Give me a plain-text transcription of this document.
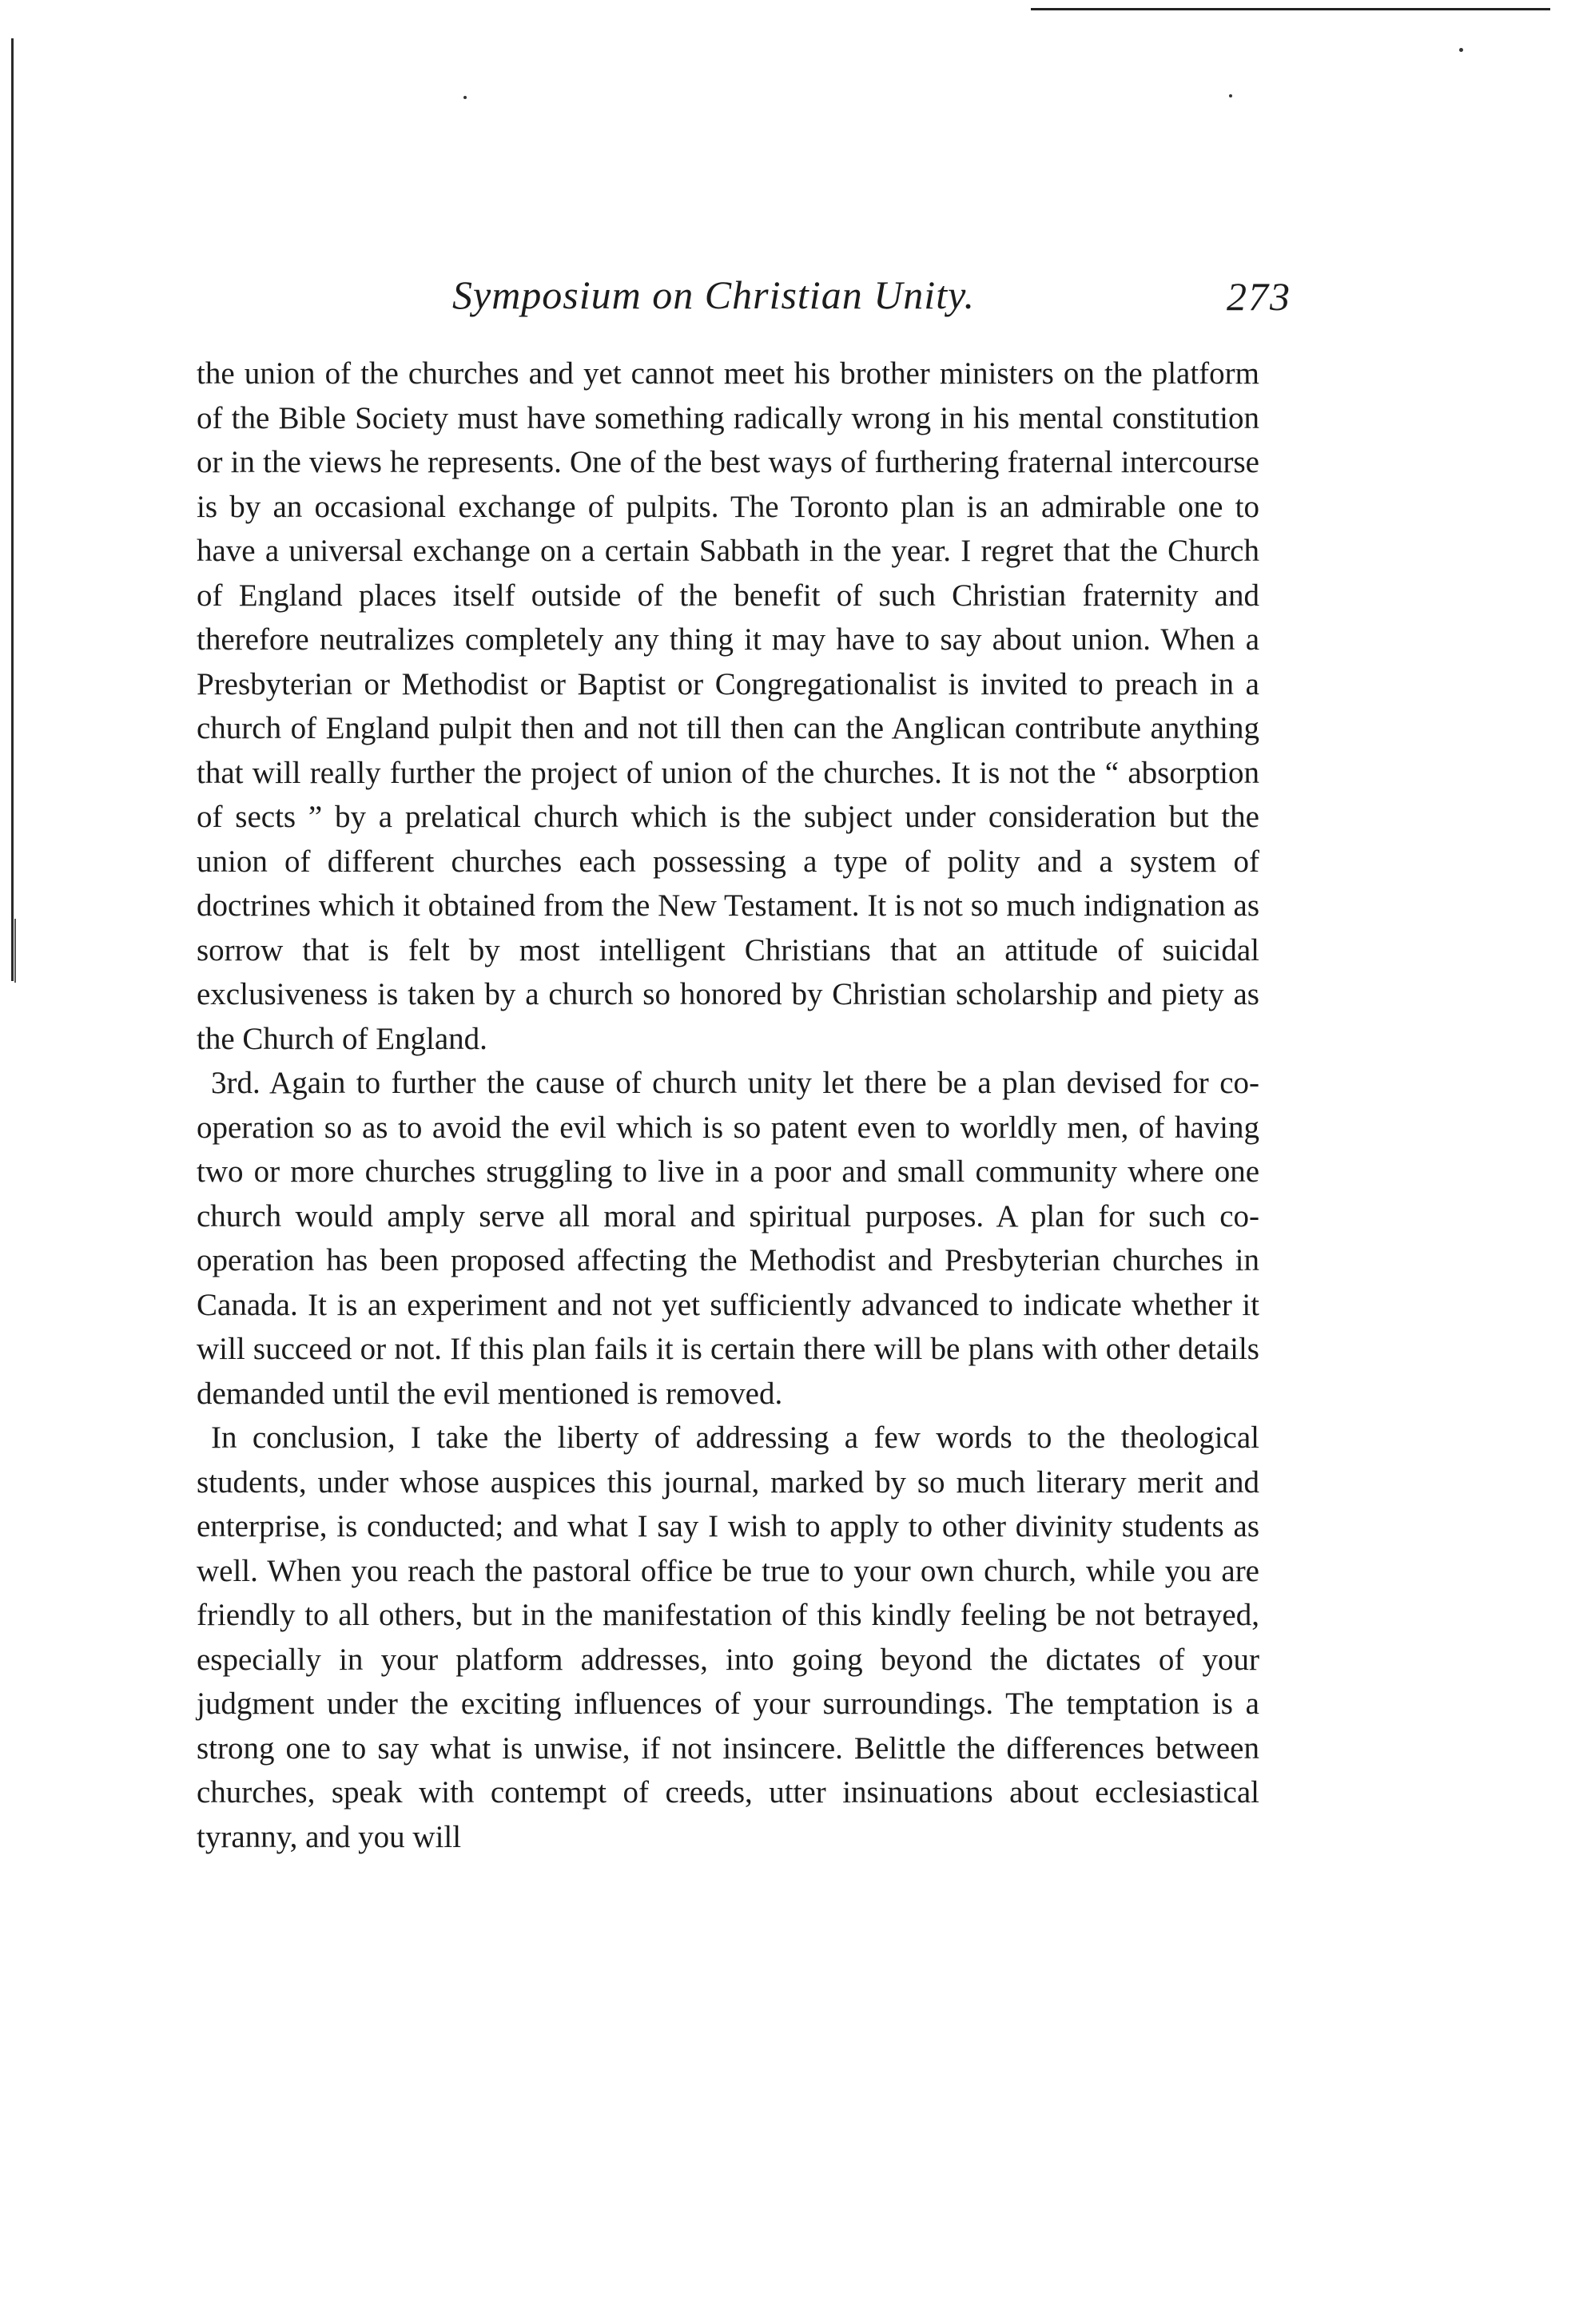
Symposium on Christian Unity.	273

the union of the churches and yet cannot meet his brother ministers on the platform of the Bible Society must have something radically wrong in his mental constitution or in the views he represents. One of the best ways of furthering fraternal intercourse is by an occasional exchange of pulpits. The Toronto plan is an admirable one to have a universal exchange on a certain Sabbath in the year. I regret that the Church of England places itself outside of the benefit of such Christian fraternity and therefore neutralizes completely any thing it may have to say about union. When a Presbyterian or Methodist or Baptist or Congregationalist is invited to preach in a church of England pulpit then and not till then can the Anglican contribute anything that will really further the project of union of the churches. It is not the “ absorption of sects ” by a prelatical church which is the subject under consideration but the union of different churches each possessing a type of polity and a system of doctrines which it obtained from the New Testament. It is not so much indignation as sorrow that is felt by most intelligent Christians that an attitude of suicidal exclusiveness is taken by a church so honored by Christian scholarship and piety as the Church of England.

3rd. Again to further the cause of church unity let there be a plan devised for co-operation so as to avoid the evil which is so patent even to worldly men, of having two or more churches struggling to live in a poor and small community where one church would amply serve all moral and spiritual purposes. A plan for such co-operation has been proposed affecting the Methodist and Presbyterian churches in Canada. It is an experiment and not yet sufficiently advanced to indicate whether it will succeed or not. If this plan fails it is certain there will be plans with other details demanded until the evil mentioned is removed.

In conclusion, I take the liberty of addressing a few words to the theological students, under whose auspices this journal, marked by so much literary merit and enterprise, is conducted; and what I say I wish to apply to other divinity students as well. When you reach the pastoral office be true to your own church, while you are friendly to all others, but in the manifestation of this kindly feeling be not betrayed, especially in your platform addresses, into going beyond the dictates of your judgment under the exciting influences of your surroundings. The temptation is a strong one to say what is unwise, if not insincere. Belittle the differences between churches, speak with contempt of creeds, utter insinuations about ecclesiastical tyranny, and you will
